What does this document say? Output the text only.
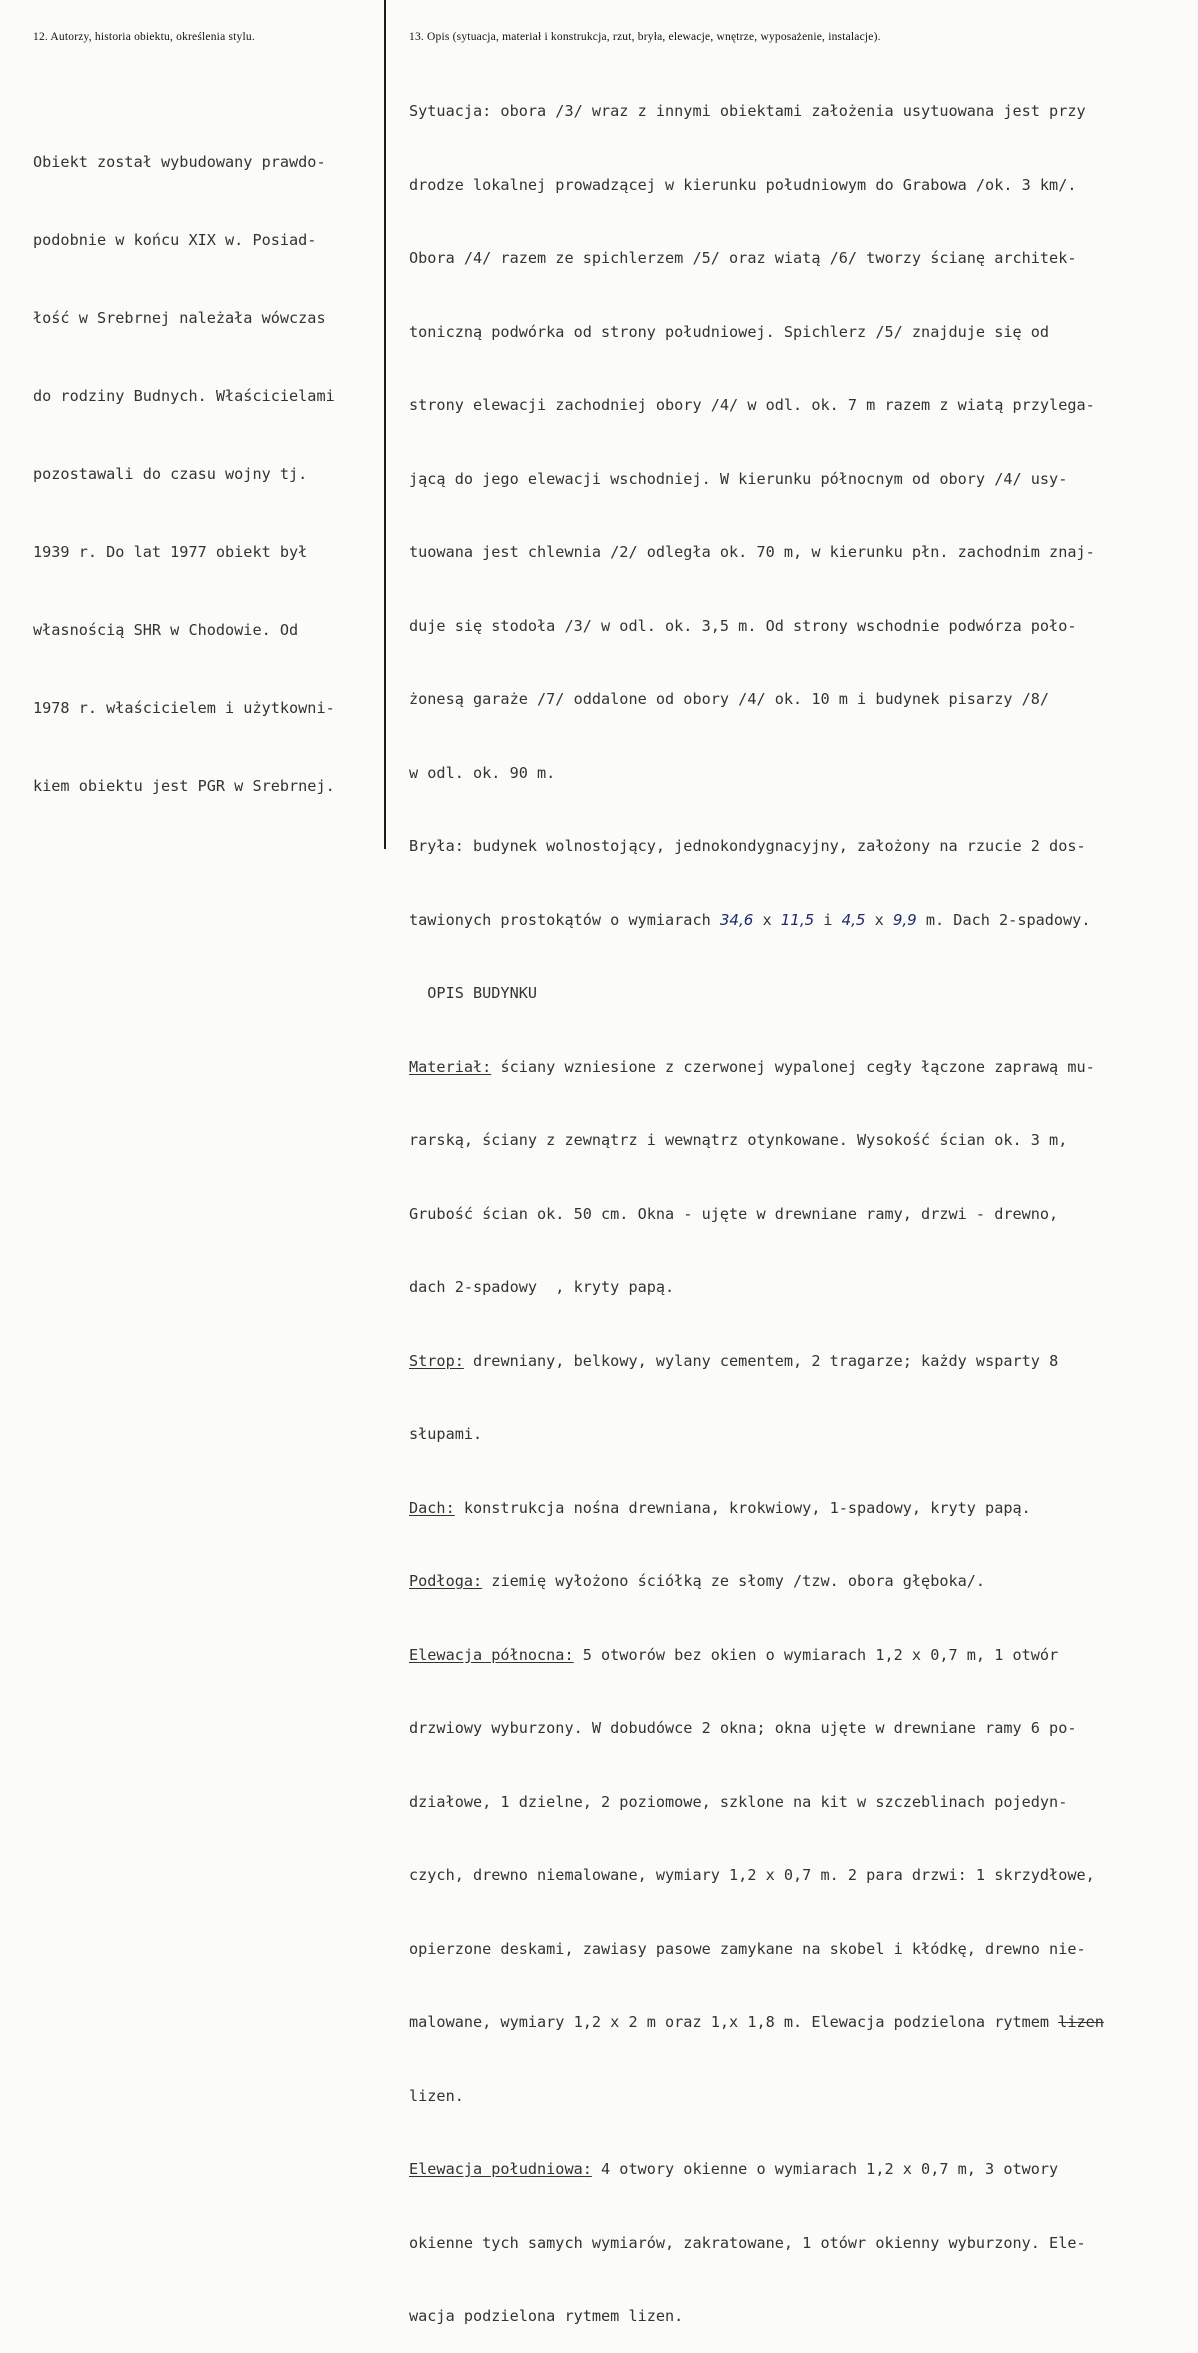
12. Autorzy, historia obiektu, określenia stylu.	13. Opis (sytuacja, materiał i konstrukcja, rzut, bryła, elewacje, wnętrze, wyposażenie, instalacje).

Obiekt został wybudowany prawdo-

podobnie w końcu XIX w. Posiad-

łość w Srebrnej należała wówczas

do rodziny Budnych. Właścicielami

pozostawali do czasu wojny tj.

1939 r. Do lat 1977 obiekt był

własnością SHR w Chodowie. Od

1978 r. właścicielem i użytkowni-

kiem obiektu jest PGR w Srebrnej.

Sytuacja: obora /3/ wraz z innymi obiektami założenia usytuowana jest przy

drodze lokalnej prowadzącej w kierunku południowym do Grabowa /ok. 3 km/.

Obora /4/ razem ze spichlerzem /5/ oraz wiatą /6/ tworzy ścianę architek-

toniczną podwórka od strony południowej. Spichlerz /5/ znajduje się od

strony elewacji zachodniej obory /4/ w odl. ok. 7 m razem z wiatą przylega-

jącą do jego elewacji wschodniej. W kierunku północnym od obory /4/ usy-

tuowana jest chlewnia /2/ odległa ok. 70 m, w kierunku płn. zachodnim znaj-

duje się stodoła /3/ w odl. ok. 3,5 m. Od strony wschodnie podwórza poło-

żonesą garaże /7/ oddalone od obory /4/ ok. 10 m i budynek pisarzy /8/

w odl. ok. 90 m.

Bryła: budynek wolnostojący, jednokondygnacyjny, założony na rzucie 2 dos-

tawionych prostokątów o wymiarach 34,6 x 11,5 i 4,5 x 9,9 m. Dach 2-spadowy.

OPIS BUDYNKU

Materiał: ściany wzniesione z czerwonej wypalonej cegły łączone zaprawą mu-

rarską, ściany z zewnątrz i wewnątrz otynkowane. Wysokość ścian ok. 3 m,

Grubość ścian ok. 50 cm. Okna - ujęte w drewniane ramy, drzwi - drewno,

dach 2-spadowy  , kryty papą.

Strop: drewniany, belkowy, wylany cementem, 2 tragarze; każdy wsparty 8

słupami.

Dach: konstrukcja nośna drewniana, krokwiowy, 1-spadowy, kryty papą.

Podłoga: ziemię wyłożono ściółką ze słomy /tzw. obora głęboka/.

Elewacja północna: 5 otworów bez okien o wymiarach 1,2 x 0,7 m, 1 otwór

drzwiowy wyburzony. W dobudówce 2 okna; okna ujęte w drewniane ramy 6 po-

działowe, 1 dzielne, 2 poziomowe, szklone na kit w szczeblinach pojedyn-

czych, drewno niemalowane, wymiary 1,2 x 0,7 m. 2 para drzwi: 1 skrzydłowe,

opierzone deskami, zawiasy pasowe zamykane na skobel i kłódkę, drewno nie-

malowane, wymiary 1,2 x 2 m oraz 1,x 1,8 m. Elewacja podzielona rytmem lizen

lizen.

Elewacja południowa: 4 otwory okienne o wymiarach 1,2 x 0,7 m, 3 otwory

okienne tych samych wymiarów, zakratowane, 1 otówr okienny wyburzony. Ele-

wacja podzielona rytmem lizen.
